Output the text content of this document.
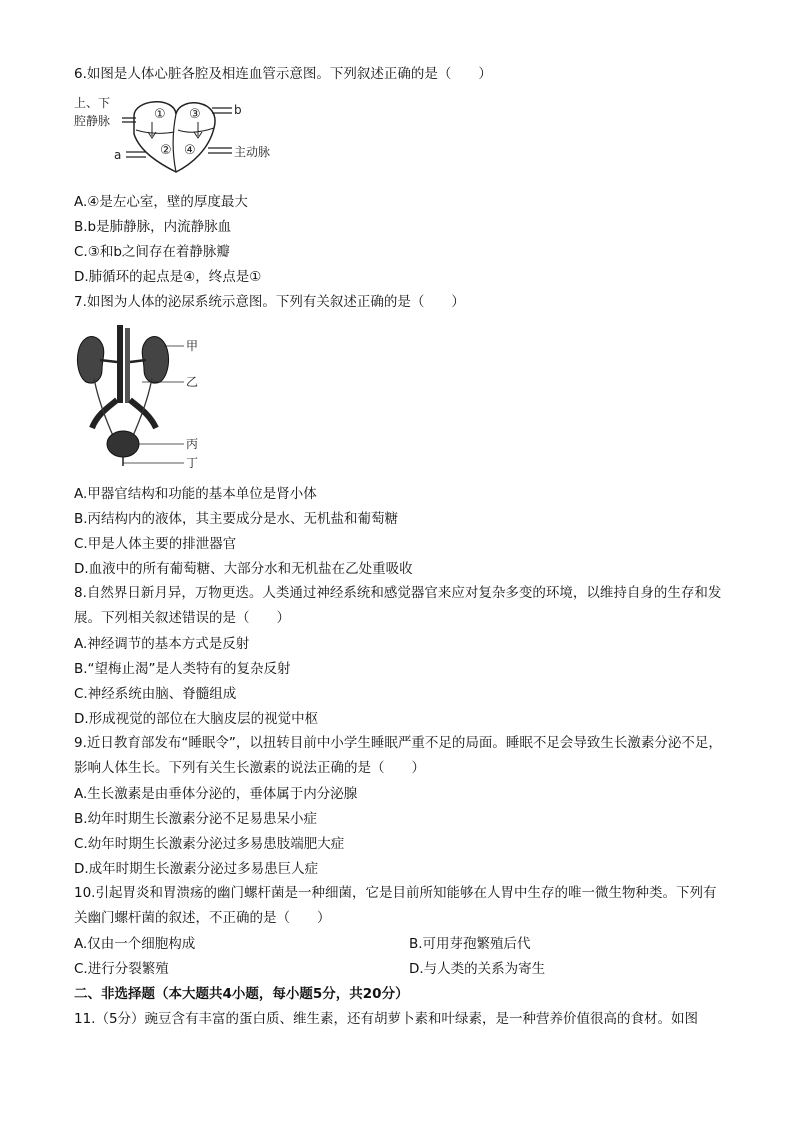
6.如图是人体心脏各腔及相连血管示意图。下列叙述正确的是（　　）
上、下
腔静脉	① ③
② ④
b
a	主动脉
A.④是左心室，壁的厚度最大
B.b是肺静脉，内流静脉血
C.③和b之间存在着静脉瓣
D.肺循环的起点是④，终点是①
7.如图为人体的泌尿系统示意图。下列有关叙述正确的是（　　）
甲
乙
丙
丁
A.甲器官结构和功能的基本单位是肾小体
B.丙结构内的液体，其主要成分是水、无机盐和葡萄糖
C.甲是人体主要的排泄器官
D.血液中的所有葡萄糖、大部分水和无机盐在乙处重吸收
8.自然界日新月异，万物更迭。人类通过神经系统和感觉器官来应对复杂多变的环境，以维持自身的生存和发展。下列相关叙述错误的是（　　）
A.神经调节的基本方式是反射
B.“望梅止渴”是人类特有的复杂反射
C.神经系统由脑、脊髓组成
D.形成视觉的部位在大脑皮层的视觉中枢
9.近日教育部发布“睡眠令”，以扭转目前中小学生睡眠严重不足的局面。睡眠不足会导致生长激素分泌不足，影响人体生长。下列有关生长激素的说法正确的是（　　）
A.生长激素是由垂体分泌的，垂体属于内分泌腺
B.幼年时期生长激素分泌不足易患呆小症
C.幼年时期生长激素分泌过多易患肢端肥大症
D.成年时期生长激素分泌过多易患巨人症
10.引起胃炎和胃溃疡的幽门螺杆菌是一种细菌，它是目前所知能够在人胃中生存的唯一微生物种类。下列有关幽门螺杆菌的叙述，不正确的是（　　）
A.仅由一个细胞构成	B.可用芽孢繁殖后代
C.进行分裂繁殖	D.与人类的关系为寄生
二、非选择题（本大题共4小题，每小题5分，共20分）
11.（5分）豌豆含有丰富的蛋白质、维生素，还有胡萝卜素和叶绿素，是一种营养价值很高的食材。如图
